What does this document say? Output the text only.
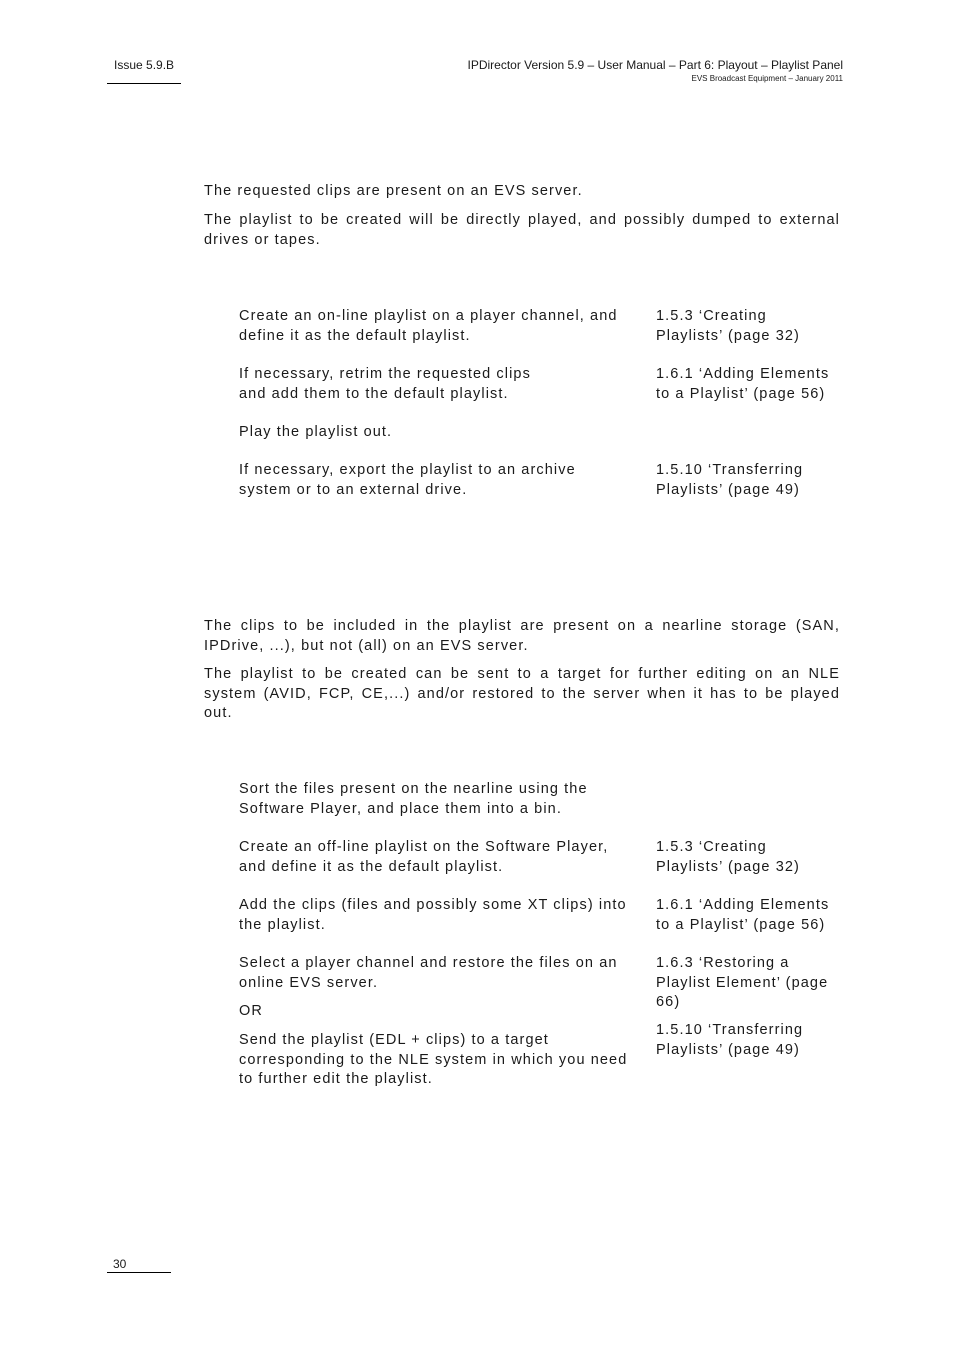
Issue 5.9.B	IPDirector Version 5.9 – User Manual – Part 6: Playout – Playlist Panel
EVS Broadcast Equipment – January 2011
The requested clips are present on an EVS server.
The playlist to be created will be directly played, and possibly dumped to external drives or tapes.
Create an on-line playlist on a player channel, and
define it as the default playlist.
1.5.3 ‘Creating
Playlists’ (page 32)
If necessary, retrim the requested clips
and add them to the default playlist.
1.6.1 ‘Adding Elements
to a Playlist’ (page 56)
Play the playlist out.
If necessary, export the playlist to an archive
system or to an external drive.
1.5.10 ‘Transferring
Playlists’ (page 49)
The clips to be included in the playlist are present on a nearline storage (SAN, IPDrive, ...), but not (all) on an EVS server.
The playlist to be created can be sent to a target for further editing on an NLE system (AVID, FCP, CE,...) and/or restored to the server when it has to be played out.
Sort the files present on the nearline using the
Software Player, and place them into a bin.
Create an off-line playlist on the Software Player,
and define it as the default playlist.
1.5.3 ‘Creating
Playlists’ (page 32)
Add the clips (files and possibly some XT clips) into
the playlist.
1.6.1 ‘Adding Elements
to a Playlist’ (page 56)
Select a player channel and restore the files on an
online EVS server.
1.6.3 ‘Restoring a
Playlist Element’ (page
66)
OR
Send the playlist (EDL + clips) to a target
corresponding to the NLE system in which you need
to further edit the playlist.
1.5.10 ‘Transferring
Playlists’ (page 49)
30
